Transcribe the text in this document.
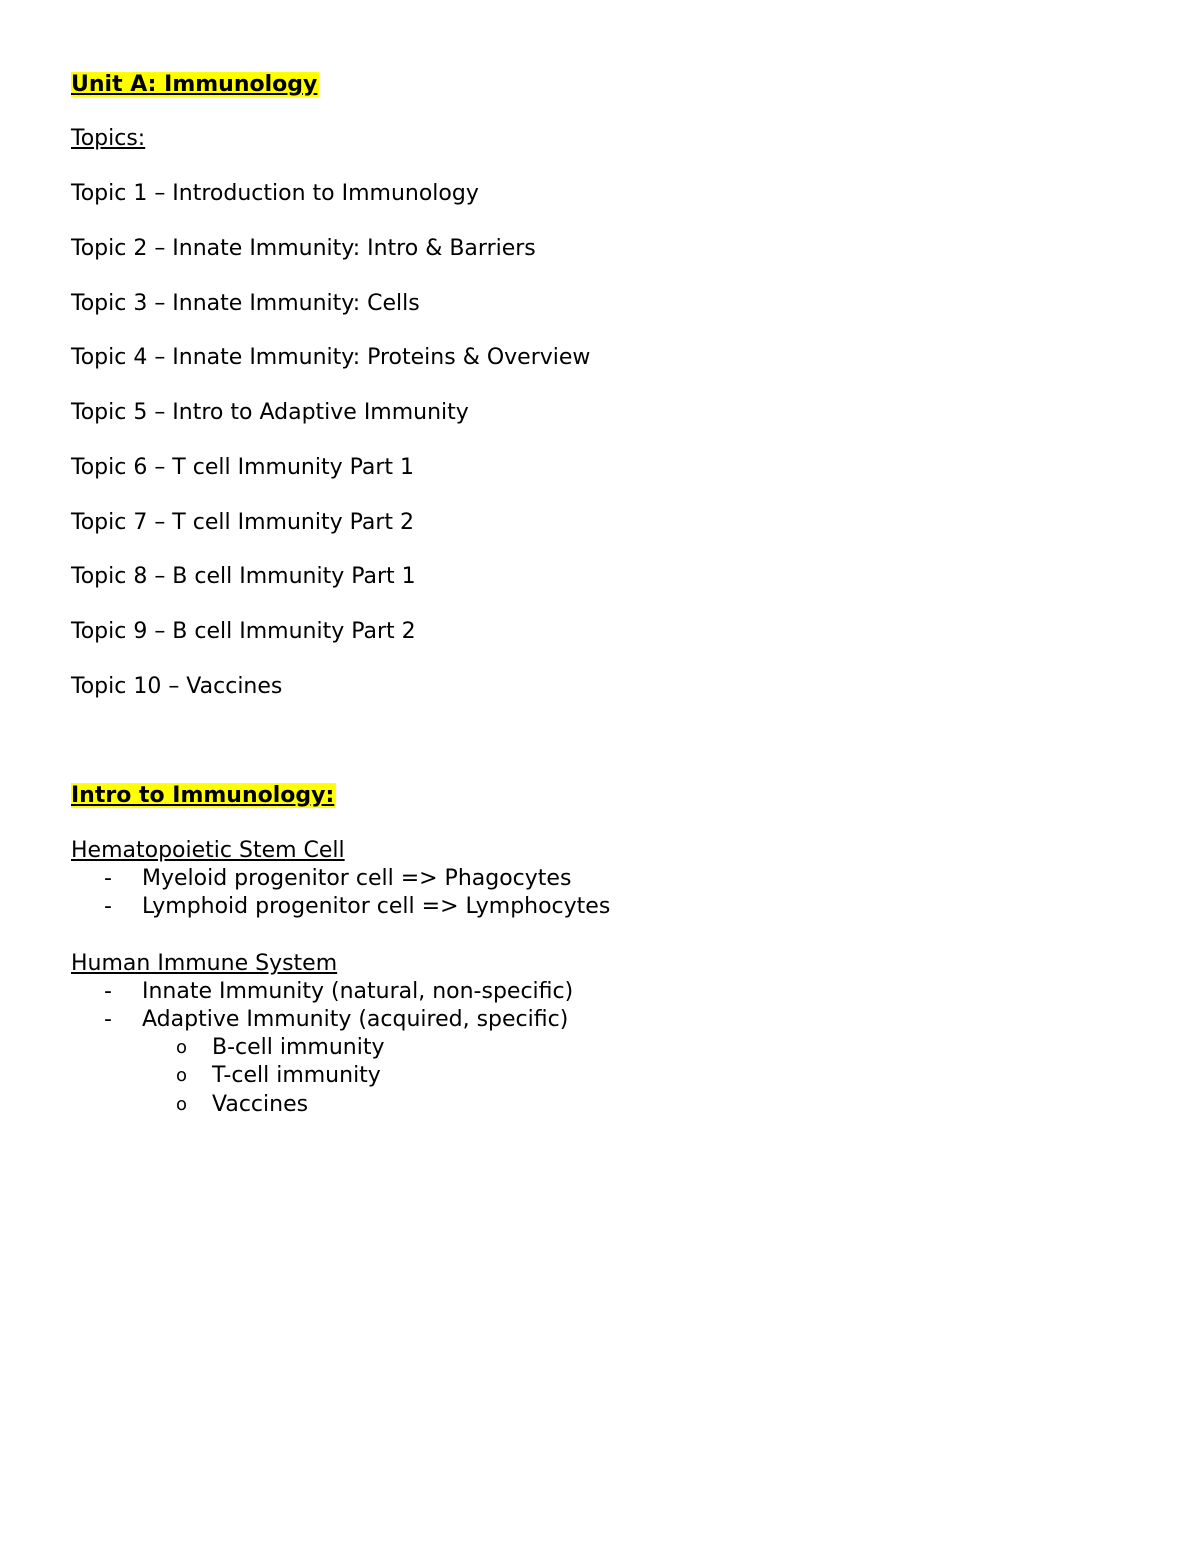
Unit A: Immunology
Topics:
Topic 1 – Introduction to Immunology
Topic 2 – Innate Immunity: Intro & Barriers
Topic 3 – Innate Immunity: Cells
Topic 4 – Innate Immunity: Proteins & Overview
Topic 5 – Intro to Adaptive Immunity
Topic 6 – T cell Immunity Part 1
Topic 7 – T cell Immunity Part 2
Topic 8 – B cell Immunity Part 1
Topic 9 – B cell Immunity Part 2
Topic 10 – Vaccines
Intro to Immunology:
Hematopoietic Stem Cell
- Myeloid progenitor cell => Phagocytes
- Lymphoid progenitor cell => Lymphocytes
Human Immune System
- Innate Immunity (natural, non-specific)
- Adaptive Immunity (acquired, specific)
o B-cell immunity
o T-cell immunity
o Vaccines
